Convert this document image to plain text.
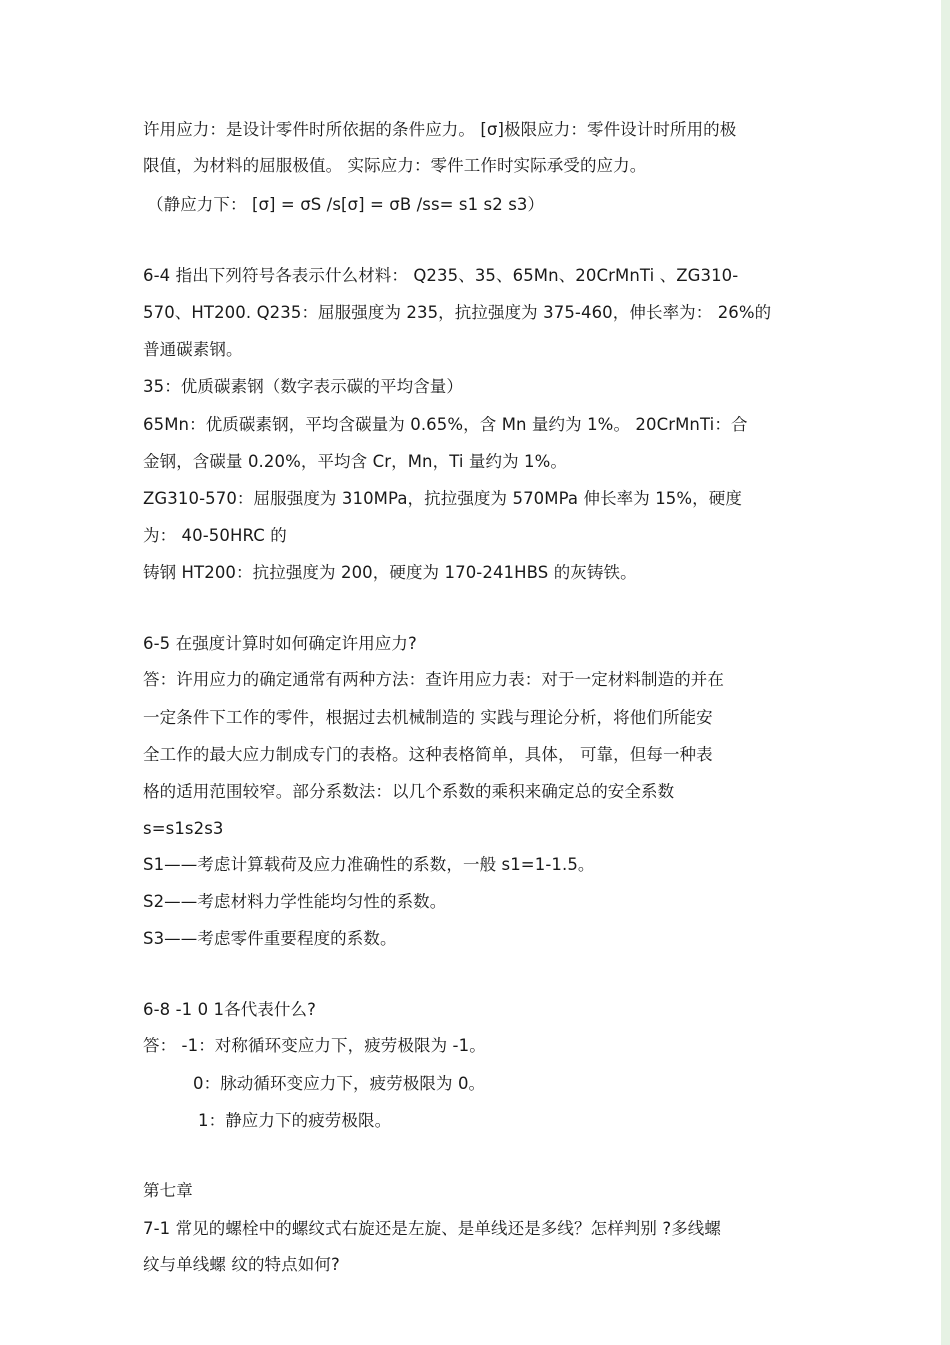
许用应力：是设计零件时所依据的条件应力。 [σ]极限应力：零件设计时所用的极
限值，为材料的屈服极值。 实际应力：零件工作时实际承受的应力。
（静应力下： [σ] = σS /s[σ] = σB /ss= s1 s2 s3）
6-4 指出下列符号各表示什么材料： Q235、35、65Mn、20CrMnTi 、ZG310-
570、HT200. Q235：屈服强度为 235，抗拉强度为 375-460，伸长率为： 26%的
普通碳素钢。
35：优质碳素钢（数字表示碳的平均含量）
65Mn：优质碳素钢，平均含碳量为 0.65%，含 Mn 量约为 1%。 20CrMnTi：合
金钢，含碳量 0.20%，平均含 Cr，Mn，Ti 量约为 1%。
ZG310-570：屈服强度为 310MPa，抗拉强度为 570MPa 伸长率为 15%，硬度
为： 40-50HRC 的
铸钢 HT200：抗拉强度为 200，硬度为 170-241HBS 的灰铸铁。
6-5 在强度计算时如何确定许用应力?
答：许用应力的确定通常有两种方法：查许用应力表：对于一定材料制造的并在
一定条件下工作的零件，根据过去机械制造的 实践与理论分析，将他们所能安
全工作的最大应力制成专门的表格。这种表格简单，具体， 可靠，但每一种表
格的适用范围较窄。部分系数法：以几个系数的乘积来确定总的安全系数
s=s1s2s3
S1——考虑计算载荷及应力准确性的系数，一般 s1=1-1.5。
S2——考虑材料力学性能均匀性的系数。
S3——考虑零件重要程度的系数。
6-8 -1 0 1各代表什么?
答： -1：对称循环变应力下，疲劳极限为 -1。
0：脉动循环变应力下，疲劳极限为 0。
1：静应力下的疲劳极限。
第七章
7-1 常见的螺栓中的螺纹式右旋还是左旋、是单线还是多线？怎样判别 ?多线螺
纹与单线螺 纹的特点如何?
